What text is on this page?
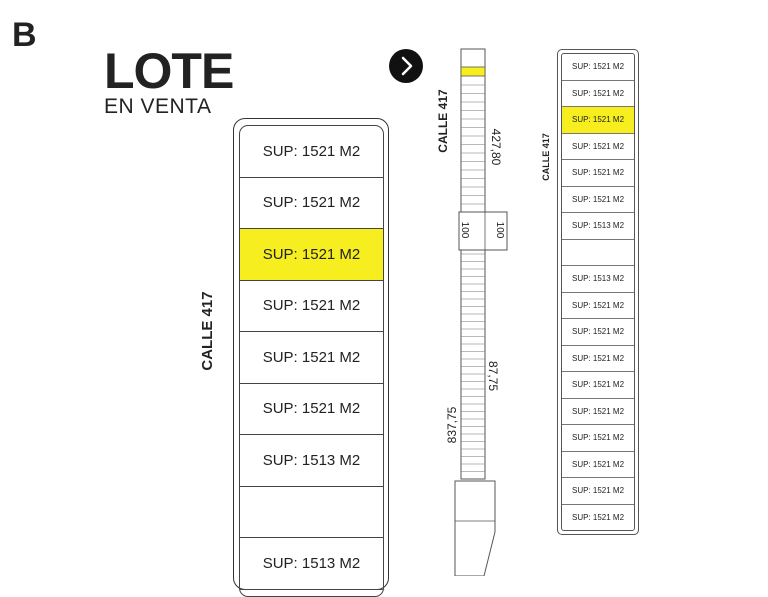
B
LOTE
EN VENTA
CALLE 417
SUP: 1521 M2
SUP: 1521 M2
SUP: 1521 M2
SUP: 1521 M2
SUP: 1521 M2
SUP: 1521 M2
SUP: 1513 M2
SUP: 1513 M2
CALLE 417	427,80
100 100
87,75
837,75
CALLE 417
SUP: 1521 M2
SUP: 1521 M2
SUP: 1521 M2
SUP: 1521 M2
SUP: 1521 M2
SUP: 1521 M2
SUP: 1513 M2
SUP: 1513 M2
SUP: 1521 M2
SUP: 1521 M2
SUP: 1521 M2
SUP: 1521 M2
SUP: 1521 M2
SUP: 1521 M2
SUP: 1521 M2
SUP: 1521 M2
SUP: 1521 M2
